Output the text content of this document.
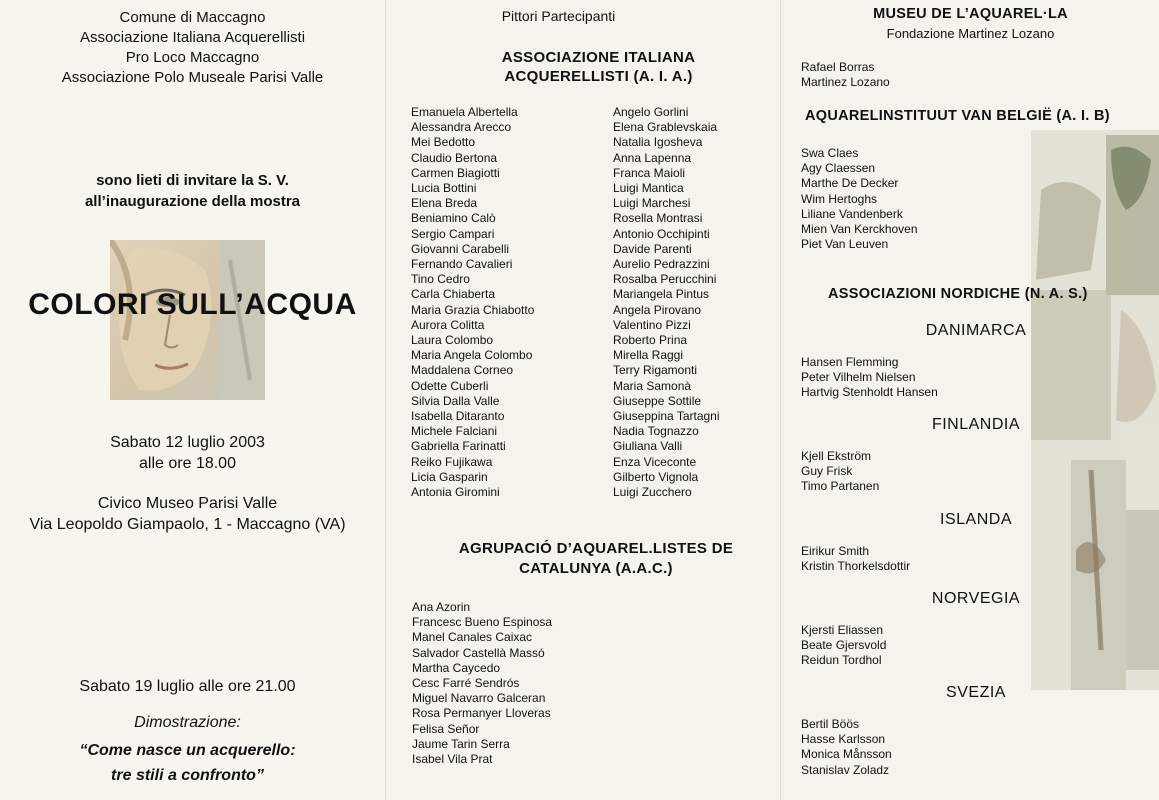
Comune di Maccagno
Associazione Italiana Acquerellisti
Pro Loco Maccagno
Associazione Polo Museale Parisi Valle
sono lieti di invitare la S. V.
all’inaugurazione della mostra
COLORI SULL’ACQUA
Sabato 12 luglio 2003
alle ore 18.00
Civico Museo Parisi Valle
Via Leopoldo Giampaolo, 1 - Maccagno (VA)
Sabato 19 luglio alle ore 21.00
Dimostrazione:
“Come nasce un acquerello:
tre stili a confronto”
Pittori Partecipanti
ASSOCIAZIONE ITALIANA
ACQUERELLISTI (A. I. A.)
Emanuela Albertella
Alessandra Arecco
Mei Bedotto
Claudio Bertona
Carmen Biagiotti
Lucia Bottini
Elena Breda
Beniamino Calò
Sergio Campari
Giovanni Carabelli
Fernando Cavalieri
Tino Cedro
Carla Chiaberta
Maria Grazia Chiabotto
Aurora Colitta
Laura Colombo
Maria Angela Colombo
Maddalena Corneo
Odette Cuberli
Silvia Dalla Valle
Isabella Ditaranto
Michele Falciani
Gabriella Farinatti
Reiko Fujikawa
Licia Gasparin
Antonia Giromini
Angelo Gorlini
Elena Grablevskaia
Natalia Igosheva
Anna Lapenna
Franca Maioli
Luigi Mantica
Luigi Marchesi
Rosella Montrasi
Antonio Occhipinti
Davide Parenti
Aurelio Pedrazzini
Rosalba Perucchini
Mariangela Pintus
Angela Pirovano
Valentino Pizzi
Roberto Prina
Mirella Raggi
Terry Rigamonti
Maria Samonà
Giuseppe Sottile
Giuseppina Tartagni
Nadia Tognazzo
Giuliana Valli
Enza Viceconte
Gilberto Vignola
Luigi Zucchero
AGRUPACIÓ D’AQUAREL.LISTES DE
CATALUNYA (A.A.C.)
Ana Azorin
Francesc Bueno Espinosa
Manel Canales Caixac
Salvador Castellà Massó
Martha Caycedo
Cesc Farré Sendrós
Miguel Navarro Galceran
Rosa Permanyer Lloveras
Felisa Señor
Jaume Tarin Serra
Isabel Vila Prat
MUSEU DE L’AQUAREL·LA
Fondazione Martinez Lozano
Rafael Borras
Martinez Lozano
AQUARELINSTITUUT VAN BELGIË (A. I. B)
Swa Claes
Agy Claessen
Marthe De Decker
Wim Hertoghs
Liliane Vandenberk
Mien Van Kerckhoven
Piet Van Leuven
ASSOCIAZIONI NORDICHE (N. A. S.)
DANIMARCA
Hansen Flemming
Peter Vilhelm Nielsen
Hartvig Stenholdt Hansen
FINLANDIA
Kjell Ekström
Guy Frisk
Timo Partanen
ISLANDA
Eirikur Smith
Kristin Thorkelsdottir
NORVEGIA
Kjersti Eliassen
Beate Gjersvold
Reidun Tordhol
SVEZIA
Bertil Böös
Hasse Karlsson
Monica Månsson
Stanislav Zoladz
